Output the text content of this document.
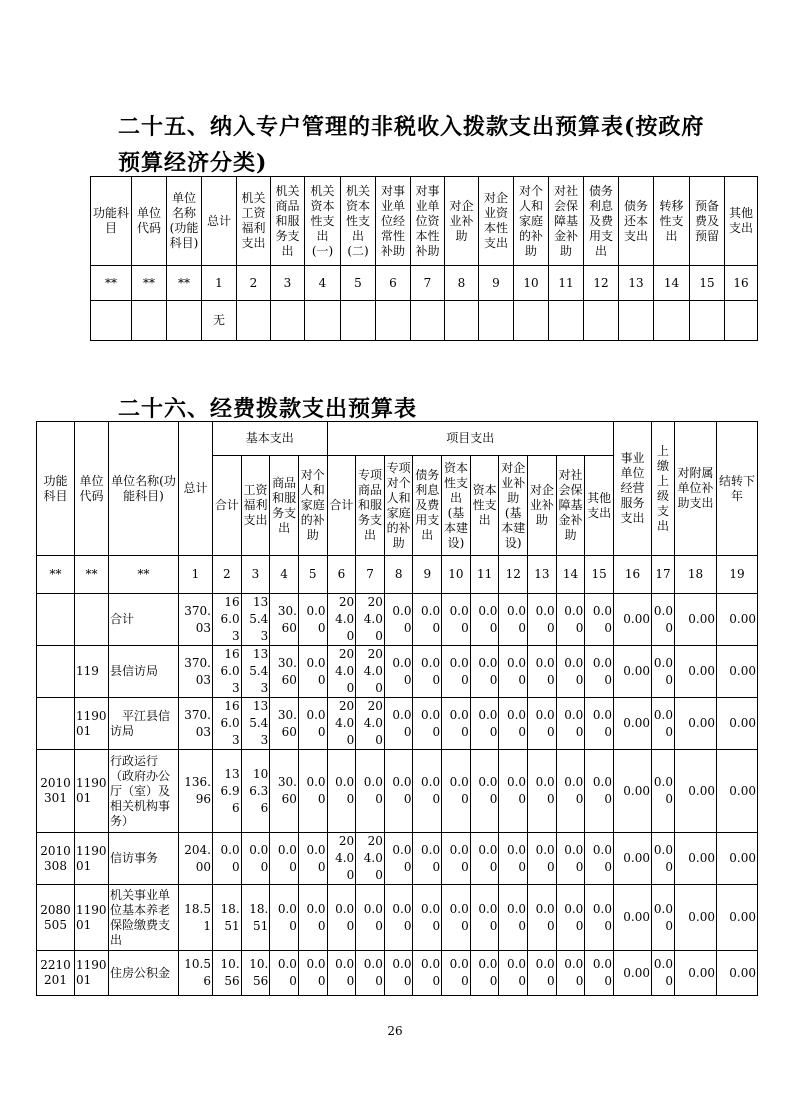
二十五、纳入专户管理的非税收入拨款支出预算表(按政府
预算经济分类)
功能科目	单位代码	单位名称(功能科目)	总计	机关工资福利支出	机关商品和服务支出	机关资本性支出(一)	机关资本性支出(二)	对事业单位经常性补助	对事业单位资本性补助	对企业补助	对企业资本性支出	对个人和家庭的补助	对社会保障基金补助	债务利息及费用支出	债务还本支出	转移性支出	预备费及预留	其他支出
**	**	**	1	2	3	4	5	6	7	8	9	10	11	12	13	14	15	16
			无															
二十六、经费拨款支出预算表
功能科目	单位代码	单位名称(功能科目)	总计	基本支出				项目支出										事业单位经营服务支出	上缴上级支出	对附属单位补助支出	结转下年
				合计	工资福利支出	商品和服务支出	对个人和家庭的补助	合计	专项商品和服务支出	专项对个人和家庭的补助	债务利息及费用支出	资本性支出(基本建设)	资本性支出	对企业补助(基本建设)	对企业补助	对社会保障基金补助	其他支出				
**	**	**	1	2	3	4	5	6	7	8	9	10	11	12	13	14	15	16	17	18	19
		合计	370.03	166.03	135.43	30.60	0.00	204.00	204.00	0.00	0.00	0.00	0.00	0.00	0.00	0.00	0.00	0.00	0.00	0.00	0.00
	119	县信访局	370.03	166.03	135.43	30.60	0.00	204.00	204.00	0.00	0.00	0.00	0.00	0.00	0.00	0.00	0.00	0.00	0.00	0.00	0.00
	119001	　平江县信访局	370.03	166.03	135.43	30.60	0.00	204.00	204.00	0.00	0.00	0.00	0.00	0.00	0.00	0.00	0.00	0.00	0.00	0.00	0.00
2010301	119001	行政运行（政府办公厅（室）及相关机构事务）	136.96	136.96	106.36	30.60	0.00	0.00	0.00	0.00	0.00	0.00	0.00	0.00	0.00	0.00	0.00	0.00	0.00	0.00	0.00
2010308	119001	信访事务	204.00	0.00	0.00	0.00	0.00	204.00	204.00	0.00	0.00	0.00	0.00	0.00	0.00	0.00	0.00	0.00	0.00	0.00	0.00
2080505	119001	机关事业单位基本养老保险缴费支出	18.51	18.51	18.51	0.00	0.00	0.00	0.00	0.00	0.00	0.00	0.00	0.00	0.00	0.00	0.00	0.00	0.00	0.00	0.00
2210201	119001	住房公积金	10.56	10.56	10.56	0.00	0.00	0.00	0.00	0.00	0.00	0.00	0.00	0.00	0.00	0.00	0.00	0.00	0.00	0.00	0.00
26
